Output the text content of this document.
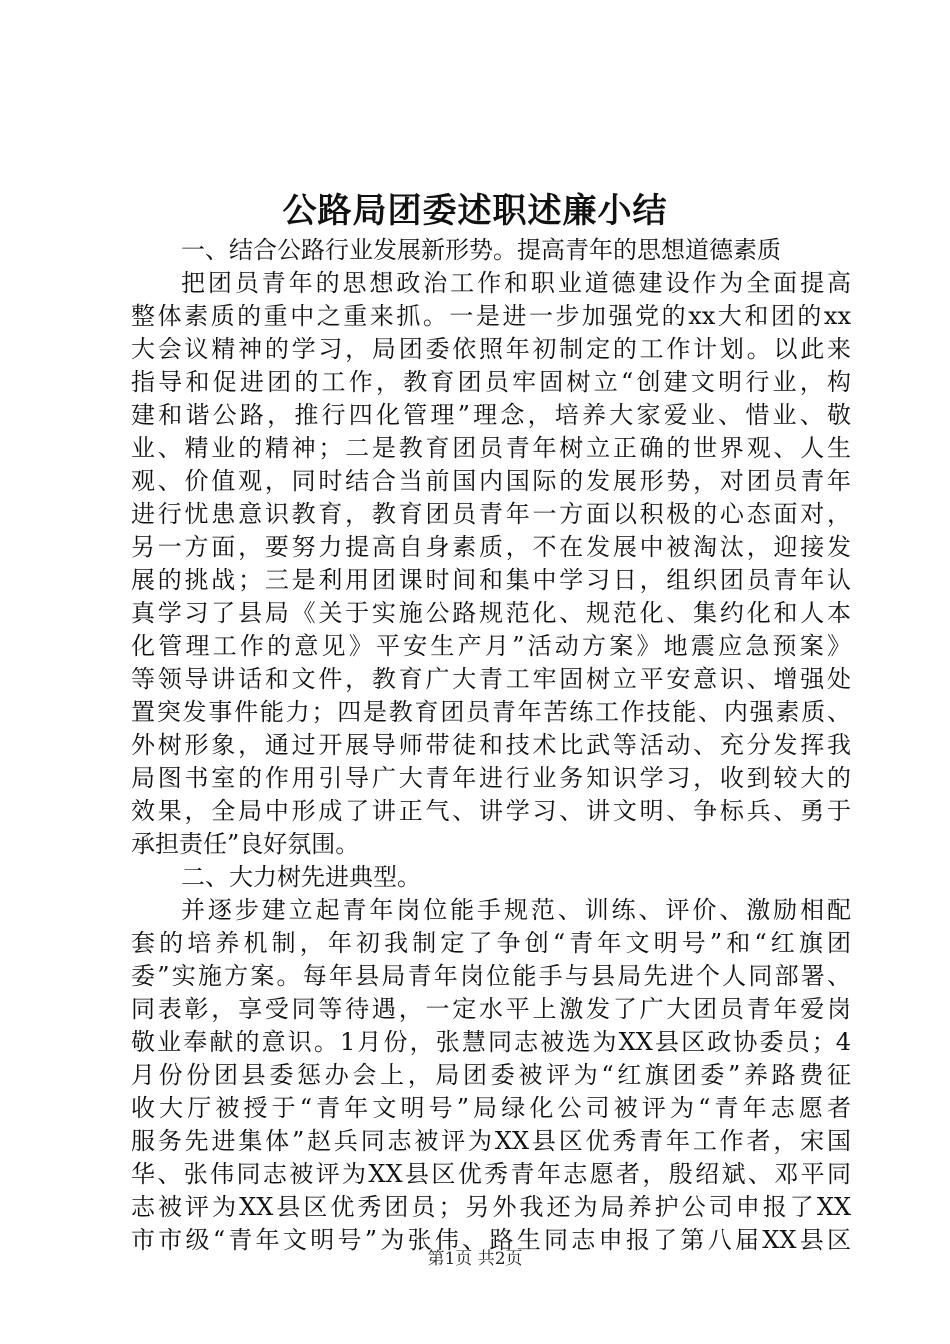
公路局团委述职述廉小结
一、结合公路行业发展新形势。提高青年的思想道德素质
把团员青年的思想政治工作和职业道德建设作为全面提高
整体素质的重中之重来抓。一是进一步加强党的xx大和团的xx
大会议精神的学习，局团委依照年初制定的工作计划。以此来
指导和促进团的工作，教育团员牢固树立“创建文明行业，构
建和谐公路，推行四化管理”理念，培养大家爱业、惜业、敬
业、精业的精神；二是教育团员青年树立正确的世界观、人生
观、价值观，同时结合当前国内国际的发展形势，对团员青年
进行忧患意识教育，教育团员青年一方面以积极的心态面对，
另一方面，要努力提高自身素质，不在发展中被淘汰，迎接发
展的挑战；三是利用团课时间和集中学习日，组织团员青年认
真学习了县局《关于实施公路规范化、规范化、集约化和人本
化管理工作的意见》平安生产月”活动方案》地震应急预案》
等领导讲话和文件，教育广大青工牢固树立平安意识、增强处
置突发事件能力；四是教育团员青年苦练工作技能、内强素质、
外树形象，通过开展导师带徒和技术比武等活动、充分发挥我
局图书室的作用引导广大青年进行业务知识学习，收到较大的
效果，全局中形成了讲正气、讲学习、讲文明、争标兵、勇于
承担责任”良好氛围。
二、大力树先进典型。
并逐步建立起青年岗位能手规范、训练、评价、激励相配
套的培养机制，年初我制定了争创“青年文明号”和“红旗团
委”实施方案。每年县局青年岗位能手与县局先进个人同部署、
同表彰，享受同等待遇，一定水平上激发了广大团员青年爱岗
敬业奉献的意识。1月份，张慧同志被选为XX县区政协委员；4
月份份团县委惩办会上，局团委被评为“红旗团委”养路费征
收大厅被授于“青年文明号”局绿化公司被评为“青年志愿者
服务先进集体”赵兵同志被评为XX县区优秀青年工作者，宋国
华、张伟同志被评为XX县区优秀青年志愿者，殷绍斌、邓平同
志被评为XX县区优秀团员；另外我还为局养护公司申报了XX
市市级“青年文明号”为张伟、路生同志申报了第八届XX县区
第1页 共2页
